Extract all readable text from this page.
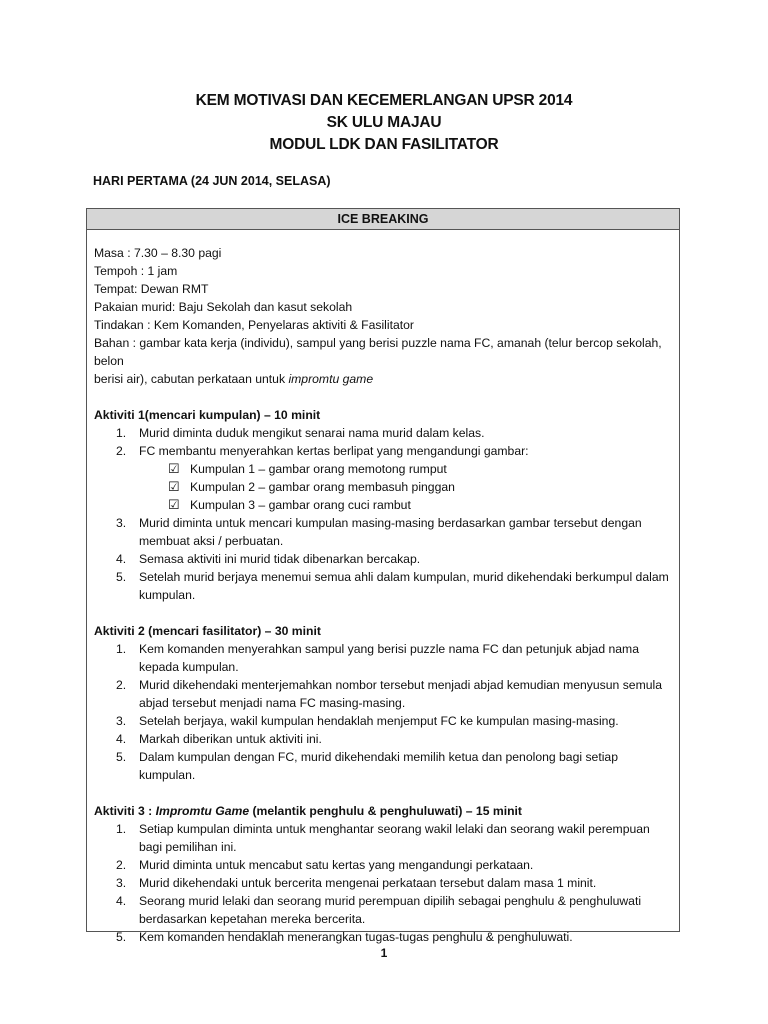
KEM MOTIVASI DAN KECEMERLANGAN UPSR 2014
SK ULU MAJAU
MODUL LDK DAN FASILITATOR
HARI PERTAMA (24 JUN 2014, SELASA)
ICE BREAKING

Masa : 7.30 – 8.30 pagi

Tempoh : 1 jam

Tempat: Dewan RMT

Pakaian murid: Baju Sekolah dan kasut sekolah

Tindakan : Kem Komanden, Penyelaras aktiviti & Fasilitator

Bahan : gambar kata kerja (individu), sampul yang berisi puzzle nama FC, amanah (telur bercop sekolah, belon
berisi air), cabutan perkataan untuk impromtu game

Aktiviti 1(mencari kumpulan) – 10 minit

1. Murid diminta duduk mengikut senarai nama murid dalam kelas.
2. FC membantu menyerahkan kertas berlipat yang mengandungi gambar:
☑ Kumpulan 1 – gambar orang memotong rumput
☑ Kumpulan 2 – gambar orang membasuh pinggan
☑ Kumpulan 3 – gambar orang cuci rambut
3. Murid diminta untuk mencari kumpulan masing-masing berdasarkan gambar tersebut dengan membuat aksi / perbuatan.
4. Semasa aktiviti ini murid tidak dibenarkan bercakap.
5. Setelah murid berjaya menemui semua ahli dalam kumpulan, murid dikehendaki berkumpul dalam kumpulan.

Aktiviti 2 (mencari fasilitator) – 30 minit

1. Kem komanden menyerahkan sampul yang berisi puzzle nama FC dan petunjuk abjad nama kepada kumpulan.
2. Murid dikehendaki menterjemahkan nombor tersebut menjadi abjad kemudian menyusun semula abjad tersebut menjadi nama FC masing-masing.
3. Setelah berjaya, wakil kumpulan hendaklah menjemput FC ke kumpulan masing-masing.
4. Markah diberikan untuk aktiviti ini.
5. Dalam kumpulan dengan FC, murid dikehendaki memilih ketua dan penolong bagi setiap kumpulan.

Aktiviti 3 : Impromtu Game (melantik penghulu & penghuluwati) – 15 minit

1. Setiap kumpulan diminta untuk menghantar seorang wakil lelaki dan seorang wakil perempuan bagi pemilihan ini.
2. Murid diminta untuk mencabut satu kertas yang mengandungi perkataan.
3. Murid dikehendaki untuk bercerita mengenai perkataan tersebut dalam masa 1 minit.
4. Seorang murid lelaki dan seorang murid perempuan dipilih sebagai penghulu & penghuluwati berdasarkan kepetahan mereka bercerita.
5. Kem komanden hendaklah menerangkan tugas-tugas penghulu & penghuluwati.
1
